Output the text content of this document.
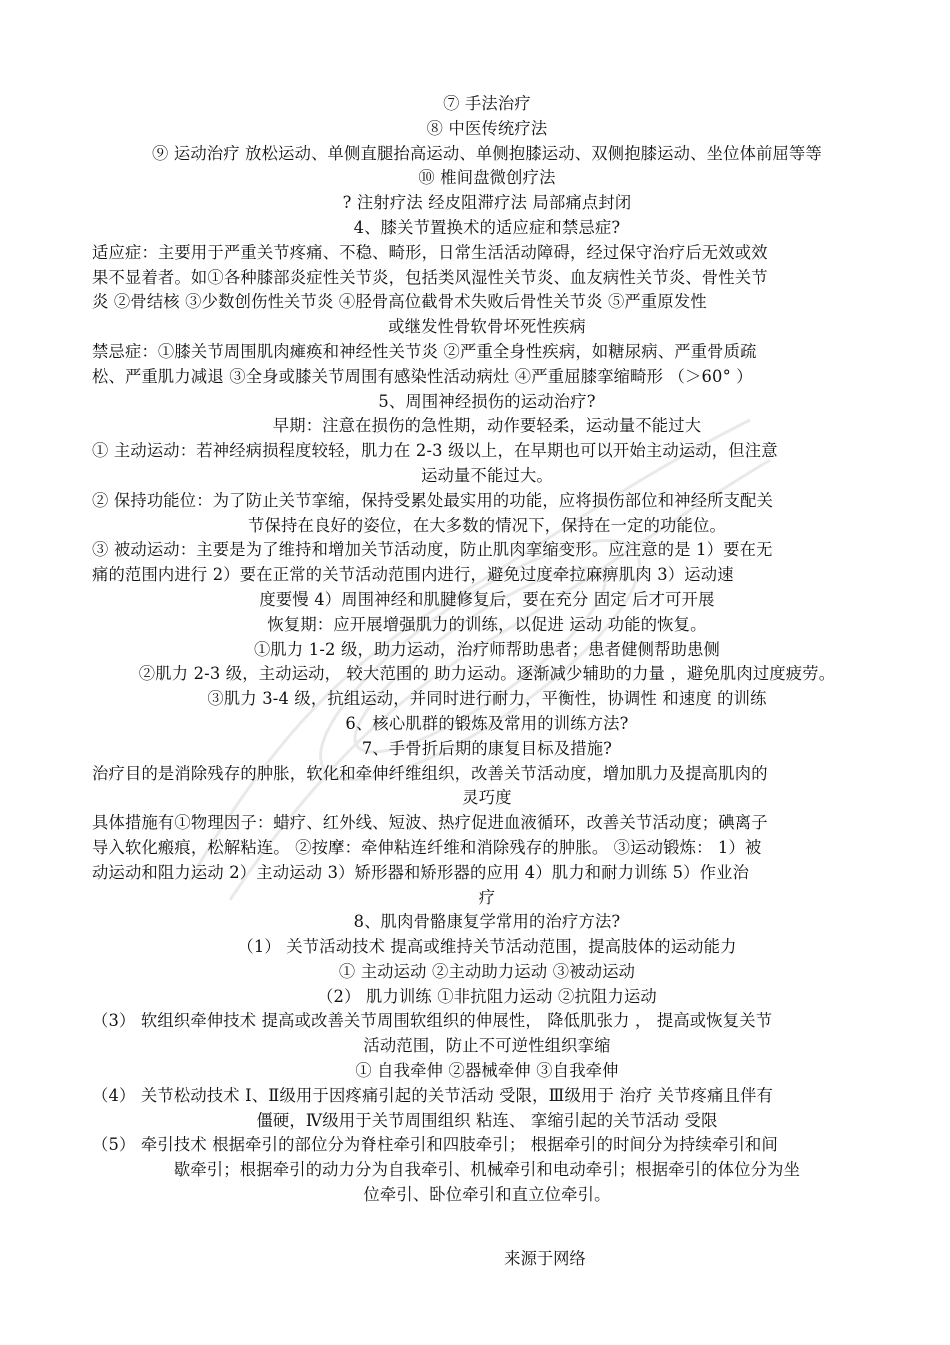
⑦ 手法治疗
⑧ 中医传统疗法
⑨ 运动治疗 放松运动、单侧直腿抬高运动、单侧抱膝运动、双侧抱膝运动、坐位体前屈等等
⑩ 椎间盘微创疗法
? 注射疗法 经皮阻滞疗法 局部痛点封闭
4、膝关节置换术的适应症和禁忌症?
适应症：主要用于严重关节疼痛、不稳、畸形，日常生活活动障碍，经过保守治疗后无效或效
果不显着者。如①各种膝部炎症性关节炎，包括类风湿性关节炎、血友病性关节炎、骨性关节
炎 ②骨结核 ③少数创伤性关节炎 ④胫骨高位截骨术失败后骨性关节炎 ⑤严重原发性
或继发性骨软骨坏死性疾病
禁忌症：①膝关节周围肌肉瘫痪和神经性关节炎 ②严重全身性疾病，如糖尿病、严重骨质疏
松、严重肌力减退 ③全身或膝关节周围有感染性活动病灶 ④严重屈膝挛缩畸形 （＞60° ）
5、周围神经损伤的运动治疗?
早期：注意在损伤的急性期，动作要轻柔，运动量不能过大
① 主动运动：若神经病损程度较轻，肌力在 2-3 级以上，在早期也可以开始主动运动，但注意
运动量不能过大。
② 保持功能位：为了防止关节挛缩，保持受累处最实用的功能，应将损伤部位和神经所支配关
节保持在良好的姿位，在大多数的情况下，保持在一定的功能位。
③ 被动运动：主要是为了维持和增加关节活动度，防止肌肉挛缩变形。应注意的是 1）要在无
痛的范围内进行 2）要在正常的关节活动范围内进行，避免过度牵拉麻痹肌肉 3）运动速
度要慢 4）周围神经和肌腱修复后，要在充分 固定 后才可开展
恢复期：应开展增强肌力的训练，以促进 运动 功能的恢复。
①肌力 1-2 级，助力运动，治疗师帮助患者；患者健侧帮助患侧
②肌力 2-3 级，主动运动， 较大范围的 助力运动。逐渐减少辅助的力量 ，避免肌肉过度疲劳。
③肌力 3-4 级，抗组运动，并同时进行耐力，平衡性，协调性 和速度 的训练
6、核心肌群的锻炼及常用的训练方法?
7、手骨折后期的康复目标及措施?
治疗目的是消除残存的肿胀，软化和牵伸纤维组织，改善关节活动度，增加肌力及提高肌肉的
灵巧度
具体措施有①物理因子：蜡疗、红外线、短波、热疗促进血液循环，改善关节活动度；碘离子
导入软化瘢痕，松解粘连。 ②按摩：牵伸粘连纤维和消除残存的肿胀。 ③运动锻炼： 1）被
动运动和阻力运动 2）主动运动 3）矫形器和矫形器的应用 4）肌力和耐力训练 5）作业治
疗
8、肌肉骨骼康复学常用的治疗方法?
（1） 关节活动技术 提高或维持关节活动范围，提高肢体的运动能力
① 主动运动 ②主动助力运动 ③被动运动
（2） 肌力训练 ①非抗阻力运动 ②抗阻力运动
（3） 软组织牵伸技术 提高或改善关节周围软组织的伸展性， 降低肌张力 ， 提高或恢复关节
活动范围，防止不可逆性组织挛缩
① 自我牵伸 ②器械牵伸 ③自我牵伸
（4） 关节松动技术 Ⅰ、Ⅱ级用于因疼痛引起的关节活动 受限，Ⅲ级用于 治疗 关节疼痛且伴有
僵硬，Ⅳ级用于关节周围组织 粘连、 挛缩引起的关节活动 受限
（5） 牵引技术 根据牵引的部位分为脊柱牵引和四肢牵引； 根据牵引的时间分为持续牵引和间
歇牵引；根据牵引的动力分为自我牵引、机械牵引和电动牵引；根据牵引的体位分为坐
位牵引、卧位牵引和直立位牵引。
来源于网络
